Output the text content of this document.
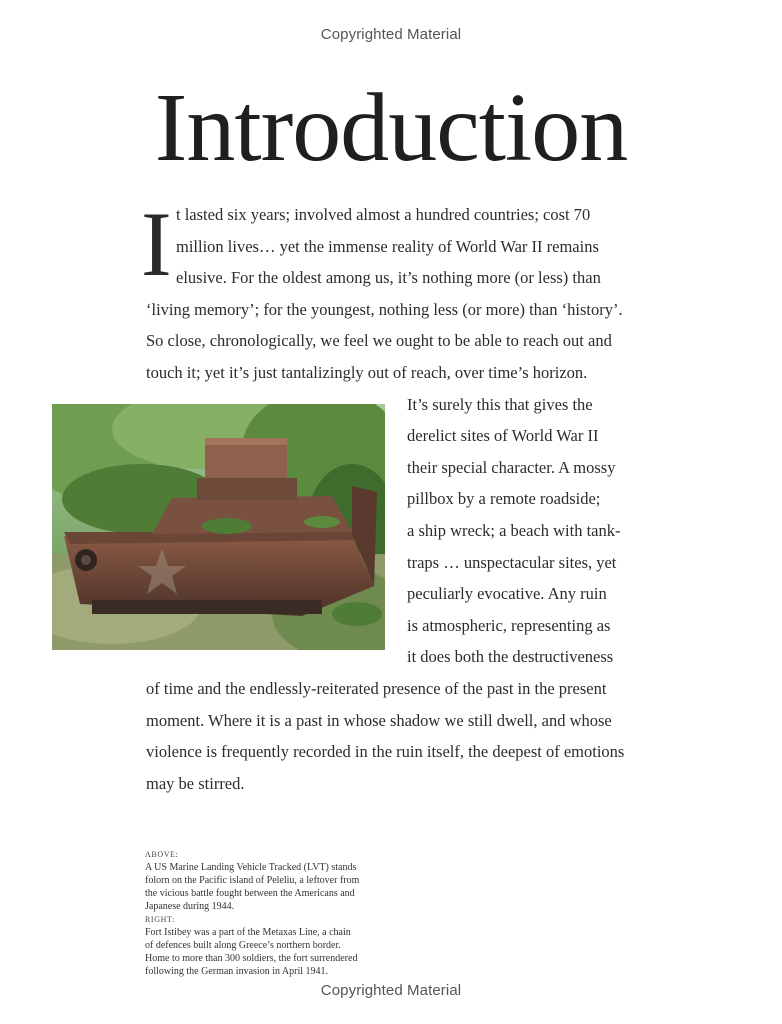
Copyrighted Material
Introduction
I t lasted six years; involved almost a hundred countries; cost 70
million lives… yet the immense reality of World War II remains
elusive. For the oldest among us, it’s nothing more (or less) than
‘living memory’; for the youngest, nothing less (or more) than ‘history’.
So close, chronologically, we feel we ought to be able to reach out and
touch it; yet it’s just tantalizingly out of reach, over time’s horizon.
It’s surely this that gives the
derelict sites of World War II
their special character. A mossy
pillbox by a remote roadside;
a ship wreck; a beach with tank-
traps … unspectacular sites, yet
peculiarly evocative. Any ruin
is atmospheric, representing as
it does both the destructiveness
of time and the endlessly-reiterated presence of the past in the present
moment. Where it is a past in whose shadow we still dwell, and whose
violence is frequently recorded in the ruin itself, the deepest of emotions
may be stirred.
ABOVE:
A US Marine Landing Vehicle Tracked (LVT) stands
folorn on the Pacific island of Peleliu, a leftover from
the vicious battle fought between the Americans and
Japanese during 1944.
RIGHT:
Fort Istibey was a part of the Metaxas Line, a chain
of defences built along Greece’s northern border.
Home to more than 300 soldiers, the fort surrendered
following the German invasion in April 1941.
Copyrighted Material
